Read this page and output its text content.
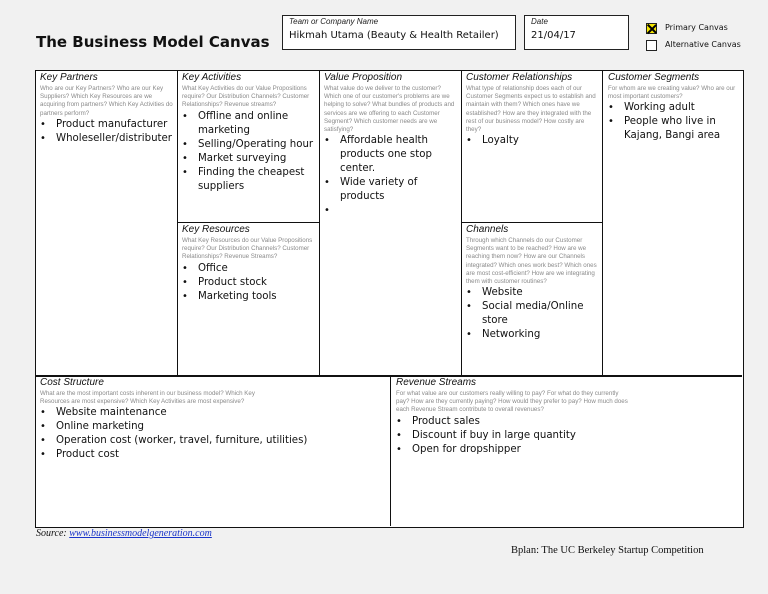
The Business Model Canvas
Team or Company Name
Hikmah Utama (Beauty & Health Retailer)
Date
21/04/17
Primary Canvas
Alternative Canvas
Key Partners
Who are our Key Partners? Who are our Key Suppliers? Which Key Resources are we acquiring from partners? Which Key Activities do partners perform?
• Product manufacturer
• Wholeseller/distributer
Key Activities
What Key Activities do our Value Propositions require? Our Distribution Channels? Customer Relationships? Revenue streams?
• Offline and online marketing
• Selling/Operating hour
• Market surveying
• Finding the cheapest suppliers
Key Resources
What Key Resources do our Value Propositions require? Our Distribution Channels? Customer Relationships? Revenue Streams?
• Office
• Product stock
• Marketing tools
Value Proposition
What value do we deliver to the customer? Which one of our customer's problems are we helping to solve? What bundles of products and services are we offering to each Customer Segment? Which customer needs are we satisfying?
• Affordable health products one stop center.
• Wide variety of products
•
Customer Relationships
What type of relationship does each of our Customer Segments expect us to establish and maintain with them? Which ones have we established? How are they integrated with the rest of our business model? How costly are they?
• Loyalty
Channels
Through which Channels do our Customer Segments want to be reached? How are we reaching them now? How are our Channels integrated? Which ones work best? Which ones are most cost-efficient? How are we integrating them with customer routines?
• Website
• Social media/Online store
• Networking
Customer Segments
For whom are we creating value? Who are our most important customers?
• Working adult
• People who live in Kajang, Bangi area
Cost Structure
What are the most important costs inherent in our business model? Which Key Resources are most expensive? Which Key Activities are most expensive?
• Website maintenance
• Online marketing
• Operation cost (worker, travel, furniture, utilities)
• Product cost
Revenue Streams
For what value are our customers really willing to pay? For what do they currently pay? How are they currently paying? How would they prefer to pay? How much does each Revenue Stream contribute to overall revenues?
• Product sales
• Discount if buy in large quantity
• Open for dropshipper
Source: www.businessmodelgeneration.com
Bplan: The UC Berkeley Startup Competition
